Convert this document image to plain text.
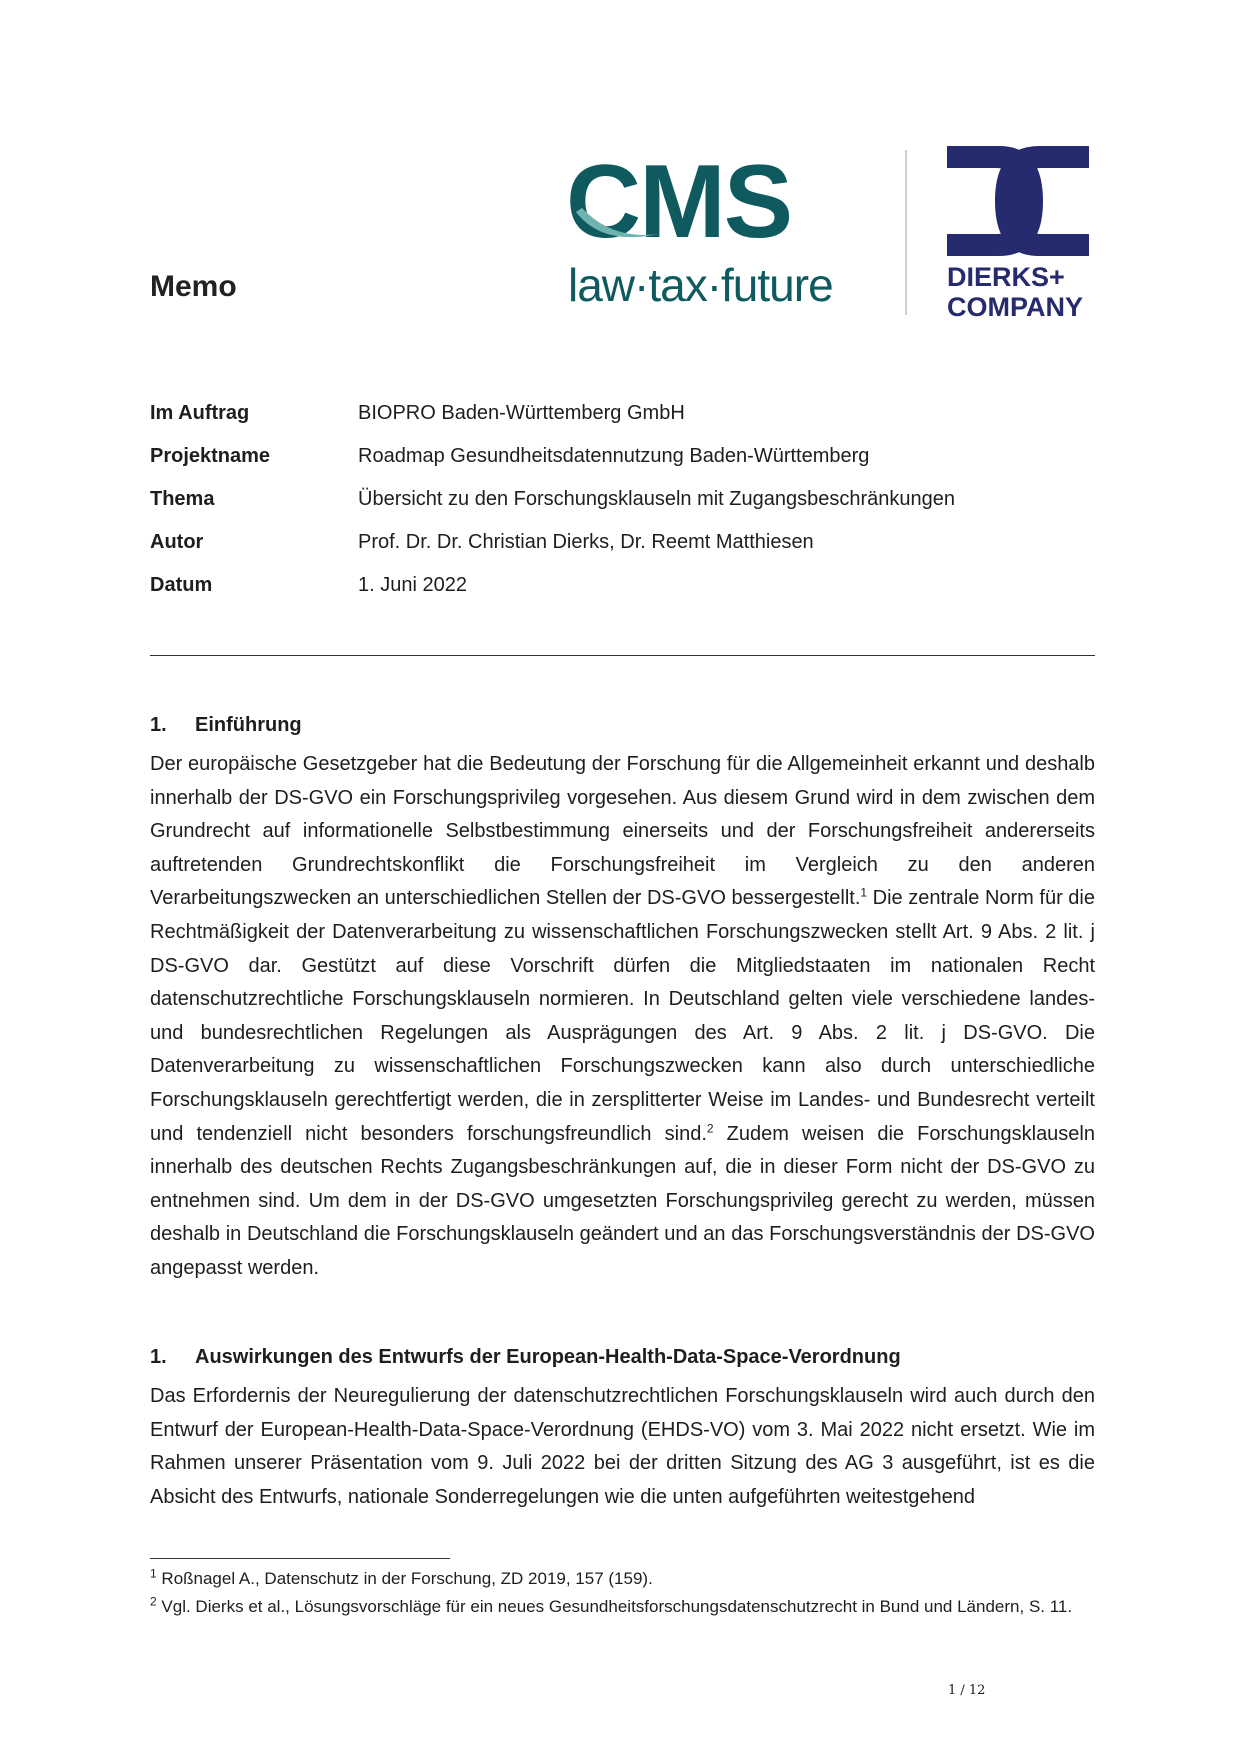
Memo
CMS
law·tax·future	DIERKS+
COMPANY
Im Auftrag	BIOPRO Baden-Württemberg GmbH
Projektname	Roadmap Gesundheitsdatennutzung Baden-Württemberg
Thema	Übersicht zu den Forschungsklauseln mit Zugangsbeschränkungen
Autor	Prof. Dr. Dr. Christian Dierks, Dr. Reemt Matthiesen
Datum	1. Juni 2022
1. Einführung
Der europäische Gesetzgeber hat die Bedeutung der Forschung für die Allgemeinheit erkannt und deshalb innerhalb der DS-GVO ein Forschungsprivileg vorgesehen. Aus diesem Grund wird in dem zwischen dem Grundrecht auf informationelle Selbstbestimmung einerseits und der Forschungsfreiheit andererseits auftretenden Grundrechtskonflikt die Forschungsfreiheit im Vergleich zu den anderen Verarbeitungszwecken an unterschiedlichen Stellen der DS-GVO bessergestellt.$^1$ Die zentrale Norm für die Rechtmäßigkeit der Datenverarbeitung zu wissenschaftlichen Forschungszwecken stellt Art. 9 Abs. 2 lit. j DS-GVO dar. Gestützt auf diese Vorschrift dürfen die Mitgliedstaaten im nationalen Recht datenschutzrechtliche Forschungsklauseln normieren. In Deutschland gelten viele verschiedene landes- und bundesrechtlichen Regelungen als Ausprägungen des Art. 9 Abs. 2 lit. j DS-GVO. Die Datenverarbeitung zu wissenschaftlichen Forschungszwecken kann also durch unterschiedliche Forschungsklauseln gerechtfertigt werden, die in zersplitterter Weise im Landes- und Bundesrecht verteilt und tendenziell nicht besonders forschungsfreundlich sind.$^2$ Zudem weisen die Forschungsklauseln innerhalb des deutschen Rechts Zugangsbeschränkungen auf, die in dieser Form nicht der DS-GVO zu entnehmen sind. Um dem in der DS-GVO umgesetzten Forschungsprivileg gerecht zu werden, müssen deshalb in Deutschland die Forschungsklauseln geändert und an das Forschungsverständnis der DS-GVO angepasst werden.
1. Auswirkungen des Entwurfs der European-Health-Data-Space-Verordnung
Das Erfordernis der Neuregulierung der datenschutzrechtlichen Forschungsklauseln wird auch durch den Entwurf der European-Health-Data-Space-Verordnung (EHDS-VO) vom 3. Mai 2022 nicht ersetzt. Wie im Rahmen unserer Präsentation vom 9. Juli 2022 bei der dritten Sitzung des AG 3 ausgeführt, ist es die Absicht des Entwurfs, nationale Sonderregelungen wie die unten aufgeführten weitestgehend
$^1$ Roßnagel A., Datenschutz in der Forschung, ZD 2019, 157 (159).
$^2$ Vgl. Dierks et al., Lösungsvorschläge für ein neues Gesundheitsforschungsdatenschutzrecht in Bund und Ländern, S. 11.
1 / 12
